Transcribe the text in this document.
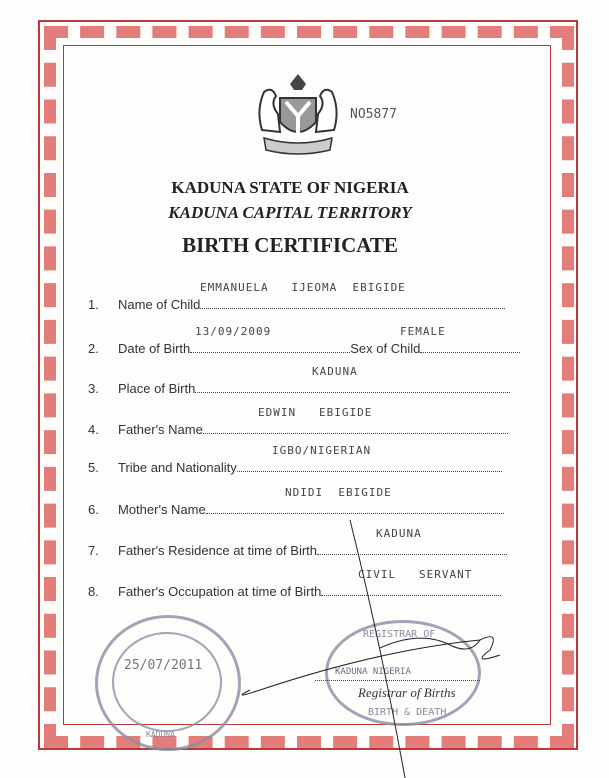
NO5877
KADUNA STATE OF NIGERIA
KADUNA CAPITAL TERRITORY
BIRTH CERTIFICATE
1. Name of Child
EMMANUELA   IJEOMA  EBIGIDE
2. Date of Birth	Sex of Child
13/09/2009	FEMALE
3. Place of Birth
KADUNA
4. Father's Name
EDWIN   EBIGIDE
5. Tribe and Nationality
IGBO/NIGERIAN
6. Mother's Name
NDIDI  EBIGIDE
7. Father's Residence at time of Birth
KADUNA
8. Father's Occupation at time of Birth
CIVIL   SERVANT
25/07/2011
KADUNA
REGISTRAR OF
BIRTH & DEATH
KADUNA NIGERIA
Registrar of Births
